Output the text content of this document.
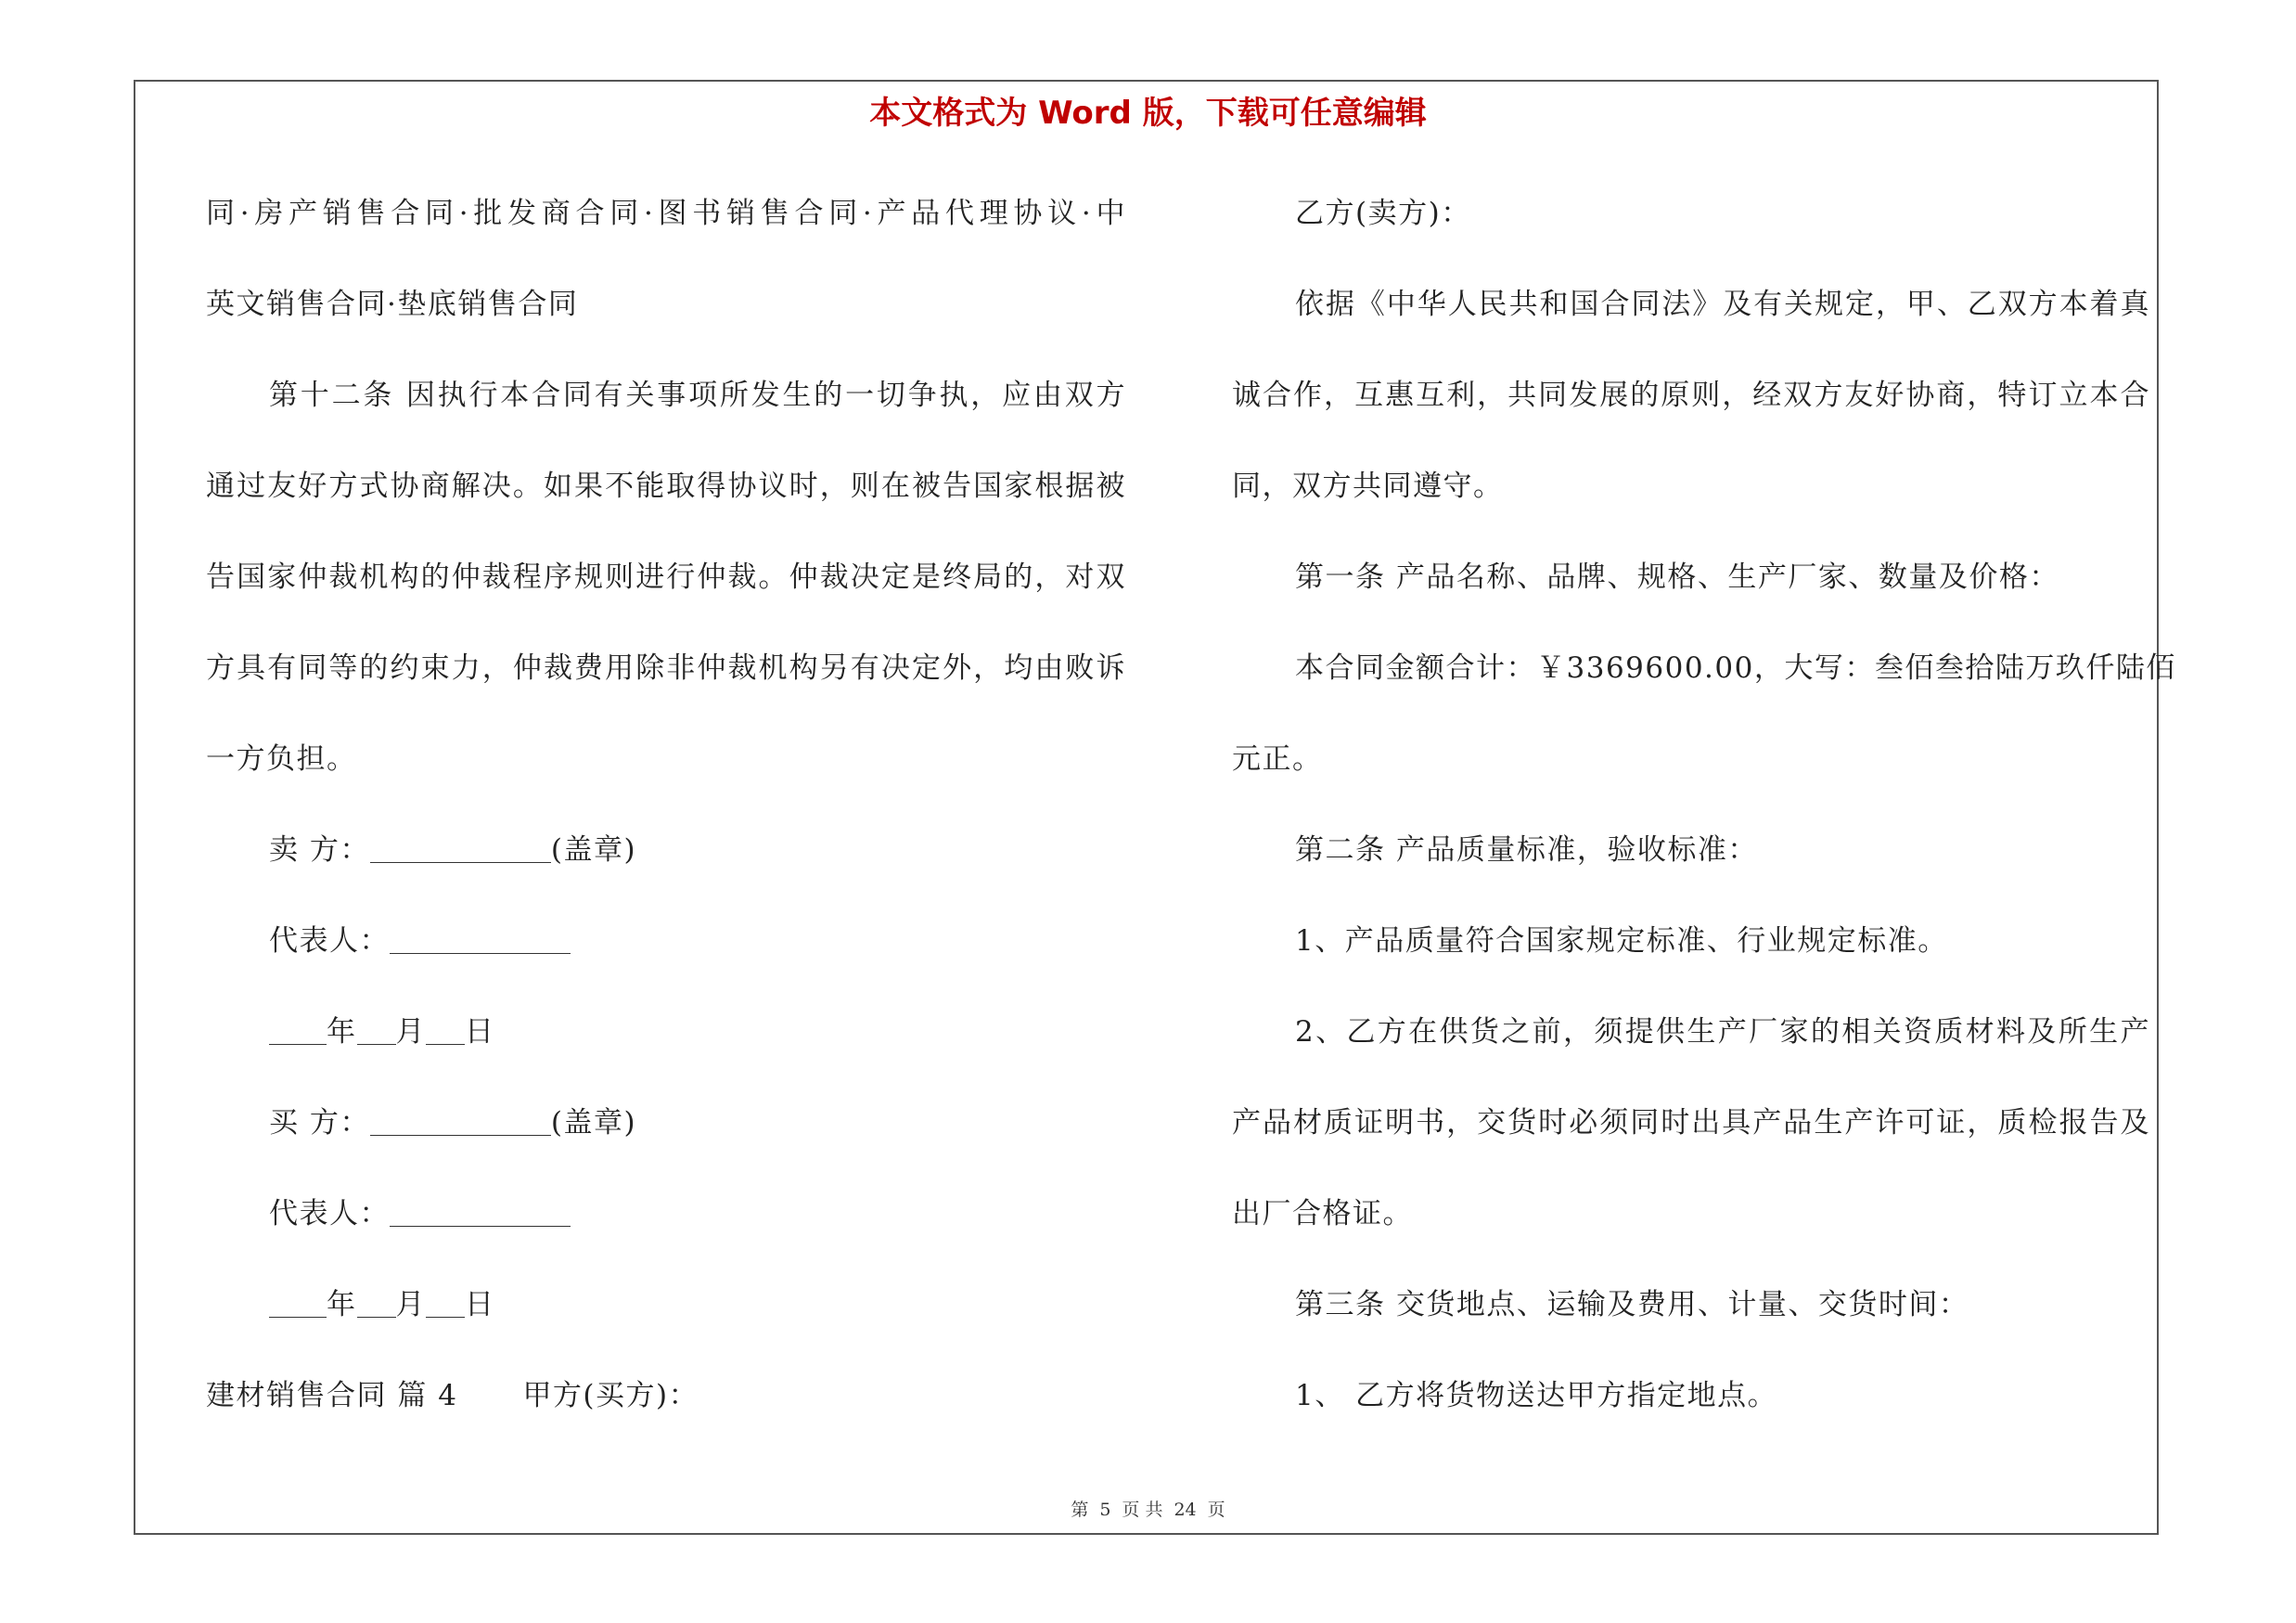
本文格式为 Word 版，下载可任意编辑
同·房产销售合同·批发商合同·图书销售合同·产品代理协议·中
英文销售合同·垫底销售合同
第十二条 因执行本合同有关事项所发生的一切争执，应由双方
通过友好方式协商解决。如果不能取得协议时，则在被告国家根据被
告国家仲裁机构的仲裁程序规则进行仲裁。仲裁决定是终局的，对双
方具有同等的约束力，仲裁费用除非仲裁机构另有决定外，均由败诉
一方负担。
卖 方：	(盖章)
代表人：
年 月 日
买 方：	(盖章)
代表人：
年 月 日
建材销售合同 篇 4 甲方(买方)：
乙方(卖方)：
依据《中华人民共和国合同法》及有关规定，甲、乙双方本着真
诚合作，互惠互利，共同发展的原则，经双方友好协商，特订立本合
同，双方共同遵守。
第一条 产品名称、品牌、规格、生产厂家、数量及价格：
本合同金额合计：￥3369600.00，大写：叁佰叁拾陆万玖仟陆佰
元正。
第二条 产品质量标准，验收标准：
1、产品质量符合国家规定标准、行业规定标准。
2、乙方在供货之前，须提供生产厂家的相关资质材料及所生产
产品材质证明书，交货时必须同时出具产品生产许可证，质检报告及
出厂合格证。
第三条 交货地点、运输及费用、计量、交货时间：
1、 乙方将货物送达甲方指定地点。
第 5 页 共 24 页
